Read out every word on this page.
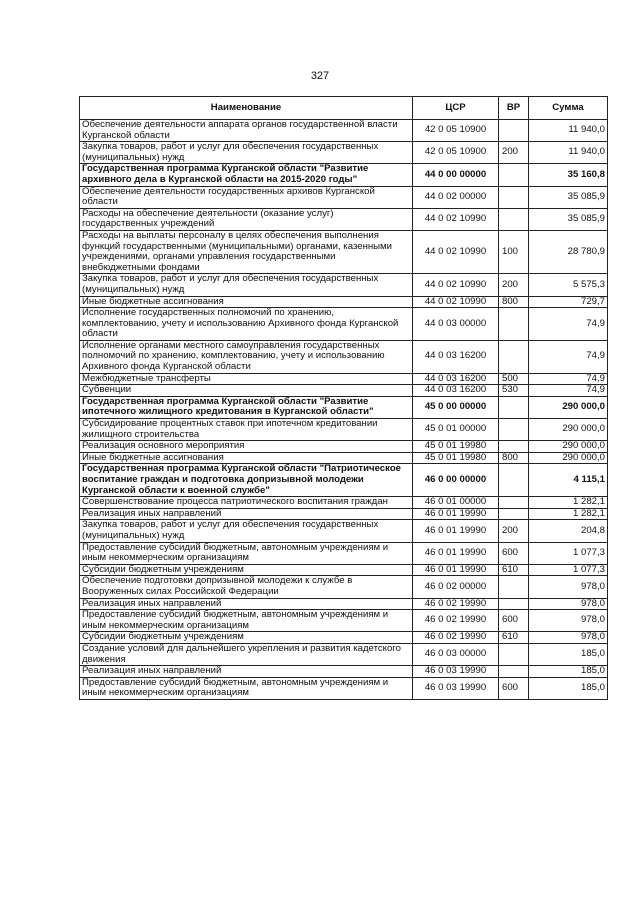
327
Наименование	ЦСР	ВР	Сумма
Обеспечение деятельности аппарата органов государственной власти Курганской области	42 0 05 10900		11 940,0
Закупка товаров, работ и услуг для обеспечения государственных (муниципальных) нужд	42 0 05 10900	200	11 940,0
Государственная программа Курганской области "Развитие архивного дела в Курганской области на 2015-2020 годы"	44 0 00 00000		35 160,8
Обеспечение деятельности государственных архивов Курганской области	44 0 02 00000		35 085,9
Расходы на обеспечение деятельности (оказание услуг) государственных учреждений	44 0 02 10990		35 085,9
Расходы на выплаты персоналу в целях обеспечения выполнения функций государственными (муниципальными) органами, казенными учреждениями, органами управления государственными внебюджетными фондами	44 0 02 10990	100	28 780,9
Закупка товаров, работ и услуг для обеспечения государственных (муниципальных) нужд	44 0 02 10990	200	5 575,3
Иные бюджетные ассигнования	44 0 02 10990	800	729,7
Исполнение государственных полномочий по хранению, комплектованию, учету и использованию Архивного фонда Курганской области	44 0 03 00000		74,9
Исполнение органами местного самоуправления государственных полномочий по хранению, комплектованию, учету и использованию Архивного фонда Курганской области	44 0 03 16200		74,9
Межбюджетные трансферты	44 0 03 16200	500	74,9
Субвенции	44 0 03 16200	530	74,9
Государственная программа Курганской области "Развитие ипотечного жилищного кредитования в Курганской области"	45 0 00 00000		290 000,0
Субсидирование процентных ставок при ипотечном кредитовании жилищного строительства	45 0 01 00000		290 000,0
Реализация основного мероприятия	45 0 01 19980		290 000,0
Иные бюджетные ассигнования	45 0 01 19980	800	290 000,0
Государственная программа Курганской области "Патриотическое воспитание граждан и подготовка допризывной молодежи Курганской области к военной службе"	46 0 00 00000		4 115,1
Совершенствование процесса патриотического воспитания граждан	46 0 01 00000		1 282,1
Реализация иных направлений	46 0 01 19990		1 282,1
Закупка товаров, работ и услуг для обеспечения государственных (муниципальных) нужд	46 0 01 19990	200	204,8
Предоставление субсидий бюджетным, автономным учреждениям и иным некоммерческим организациям	46 0 01 19990	600	1 077,3
Субсидии бюджетным учреждениям	46 0 01 19990	610	1 077,3
Обеспечение подготовки допризывной молодежи к службе в Вооруженных силах Российской Федерации	46 0 02 00000		978,0
Реализация иных направлений	46 0 02 19990		978,0
Предоставление субсидий бюджетным, автономным учреждениям и иным некоммерческим организациям	46 0 02 19990	600	978,0
Субсидии бюджетным учреждениям	46 0 02 19990	610	978,0
Создание условий для дальнейшего укрепления и развития кадетского движения	46 0 03 00000		185,0
Реализация иных направлений	46 0 03 19990		185,0
Предоставление субсидий бюджетным, автономным учреждениям и иным некоммерческим организациям	46 0 03 19990	600	185,0
